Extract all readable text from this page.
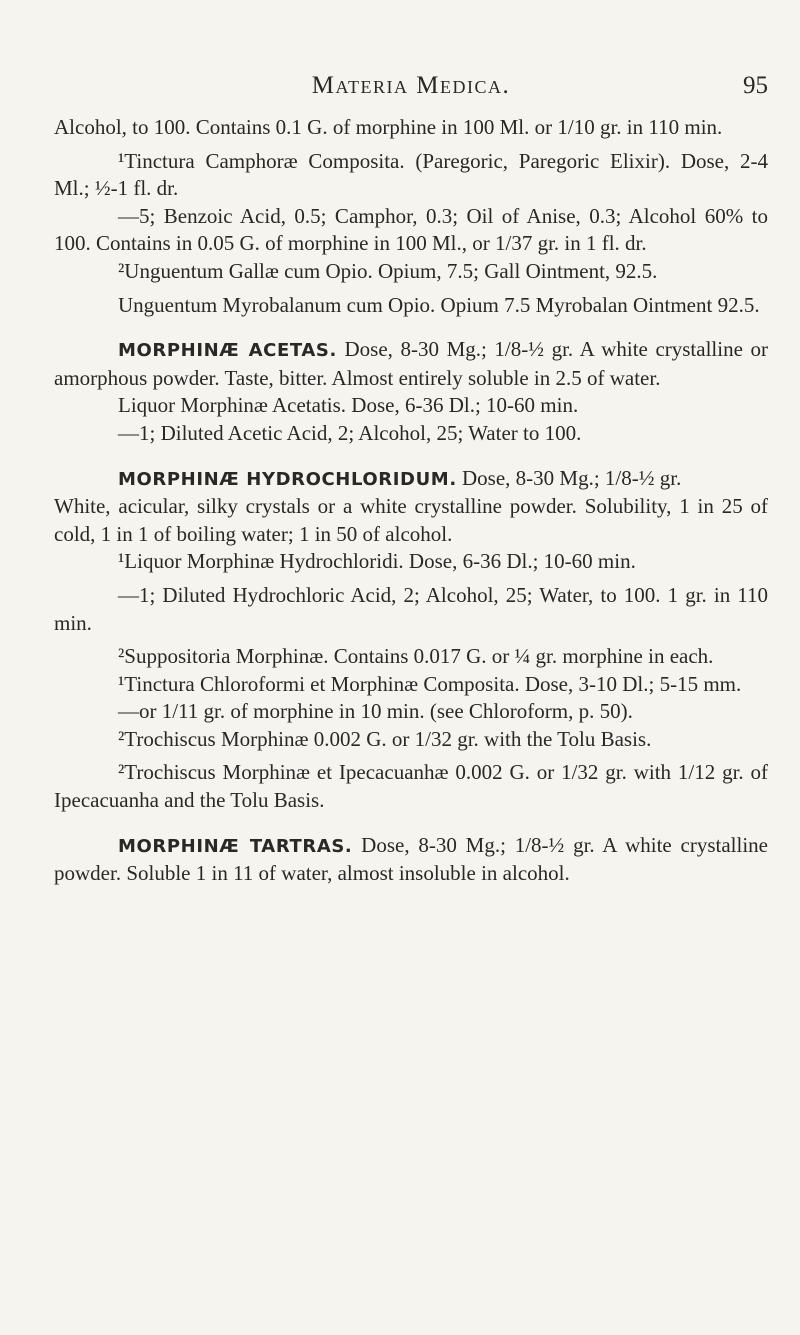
Materia Medica.	95

Alcohol, to 100. Contains 0.1 G. of morphine in 100 Ml. or 1/10 gr. in 110 min.

¹Tinctura Camphoræ Composita. (Paregoric, Paregoric Elixir). Dose, 2-4 Ml.; ½-1 fl. dr.

—5; Benzoic Acid, 0.5; Camphor, 0.3; Oil of Anise, 0.3; Alcohol 60% to 100. Contains in 0.05 G. of morphine in 100 Ml., or 1/37 gr. in 1 fl. dr.

²Unguentum Gallæ cum Opio. Opium, 7.5; Gall Ointment, 92.5.

Unguentum Myrobalanum cum Opio. Opium 7.5 Myrobalan Ointment 92.5.

MORPHINÆ ACETAS. Dose, 8-30 Mg.; 1/8-½ gr. A white crystalline or amorphous powder. Taste, bitter. Almost entirely soluble in 2.5 of water.

Liquor Morphinæ Acetatis. Dose, 6-36 Dl.; 10-60 min.

—1; Diluted Acetic Acid, 2; Alcohol, 25; Water to 100.

MORPHINÆ HYDROCHLORIDUM. Dose, 8-30 Mg.; 1/8-½ gr.

White, acicular, silky crystals or a white crystalline powder. Solubility, 1 in 25 of cold, 1 in 1 of boiling water; 1 in 50 of alcohol.

¹Liquor Morphinæ Hydrochloridi. Dose, 6-36 Dl.; 10-60 min.

—1; Diluted Hydrochloric Acid, 2; Alcohol, 25; Water, to 100. 1 gr. in 110 min.

²Suppositoria Morphinæ. Contains 0.017 G. or ¼ gr. morphine in each.

¹Tinctura Chloroformi et Morphinæ Composita. Dose, 3-10 Dl.; 5-15 mm.

—or 1/11 gr. of morphine in 10 min. (see Chloroform, p. 50).

²Trochiscus Morphinæ 0.002 G. or 1/32 gr. with the Tolu Basis.

²Trochiscus Morphinæ et Ipecacuanhæ 0.002 G. or 1/32 gr. with 1/12 gr. of Ipecacuanha and the Tolu Basis.

MORPHINÆ TARTRAS. Dose, 8-30 Mg.; 1/8-½ gr. A white crystalline powder. Soluble 1 in 11 of water, almost insoluble in alcohol.
